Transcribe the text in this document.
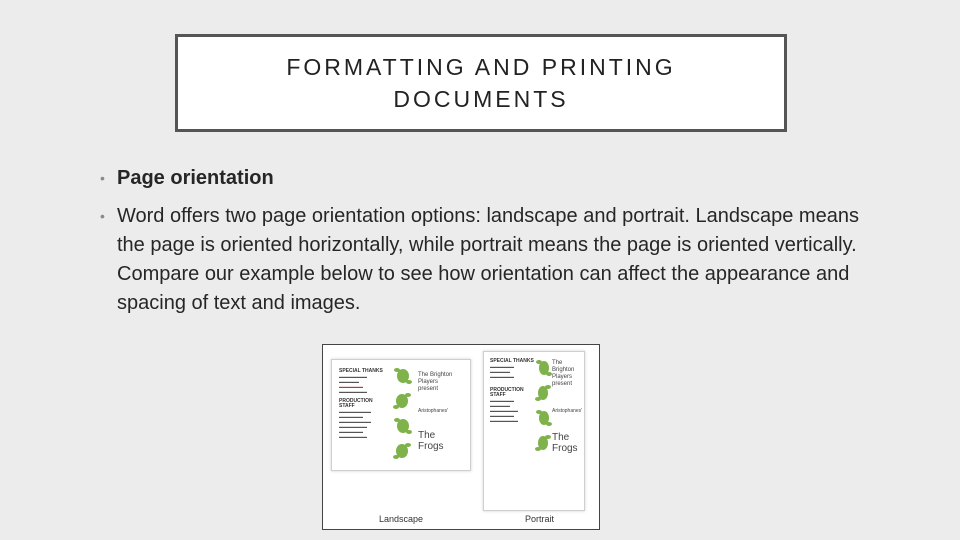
FORMATTING AND PRINTING DOCUMENTS
• Page orientation
• Word offers two page orientation options: landscape and portrait. Landscape means the page is oriented horizontally, while portrait means the page is oriented vertically. Compare our example below to see how orientation can affect the appearance and spacing of text and images.
SPECIAL THANKS
▬▬▬▬▬▬▬
▬▬▬▬▬
▬▬▬▬▬▬
▬▬▬▬▬▬▬
PRODUCTION STAFF
▬▬▬▬▬▬▬▬
▬▬▬▬▬▬
▬▬▬▬▬▬▬▬
▬▬▬▬▬▬▬
▬▬▬▬▬▬
▬▬▬▬▬▬▬
The Brighton Players
present
Aristophanes'
The
Frogs
SPECIAL THANKS
▬▬▬▬▬▬
▬▬▬▬▬
▬▬▬▬▬▬
PRODUCTION STAFF
▬▬▬▬▬▬
▬▬▬▬▬
▬▬▬▬▬▬▬
▬▬▬▬▬▬
▬▬▬▬▬▬▬
The Brighton Players
present
Aristophanes'
The
Frogs
Landscape	Portrait
